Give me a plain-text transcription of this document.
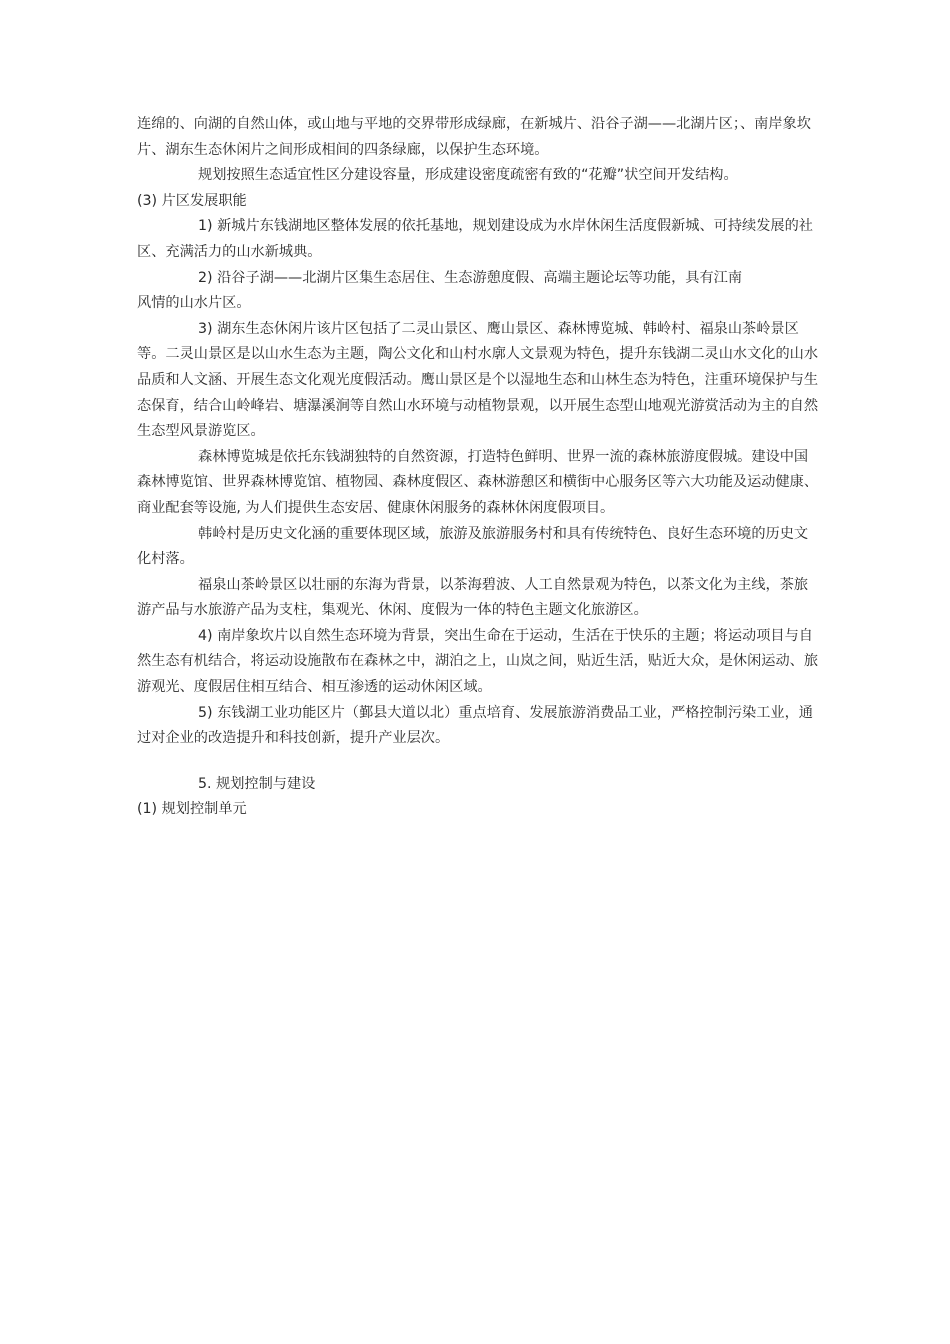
连绵的、向湖的自然山体，或山地与平地的交界带形成绿廊，在新城片、沿谷子湖——北湖片区；、南岸象坎片、湖东生态休闲片之间形成相间的四条绿廊，以保护生态环境。

规划按照生态适宜性区分建设容量，形成建设密度疏密有致的“花瓣”状空间开发结构。

(3) 片区发展职能

1) 新城片东钱湖地区整体发展的依托基地，规划建设成为水岸休闲生活度假新城、可持续发展的社区、充满活力的山水新城典。

2) 沿谷子湖——北湖片区集生态居住、生态游憩度假、高端主题论坛等功能，具有江南

风情的山水片区。

3) 湖东生态休闲片该片区包括了二灵山景区、鹰山景区、森林博览城、韩岭村、福泉山茶岭景区等。二灵山景区是以山水生态为主题，陶公文化和山村水廓人文景观为特色，提升东钱湖二灵山水文化的山水品质和人文涵、开展生态文化观光度假活动。鹰山景区是个以湿地生态和山林生态为特色，注重环境保护与生态保育，结合山岭峰岩、塘瀑溪涧等自然山水环境与动植物景观，以开展生态型山地观光游赏活动为主的自然生态型风景游览区。

森林博览城是依托东钱湖独特的自然资源，打造特色鲜明、世界一流的森林旅游度假城。建设中国森林博览馆、世界森林博览馆、植物园、森林度假区、森林游憩区和横街中心服务区等六大功能及运动健康、商业配套等设施, 为人们提供生态安居、健康休闲服务的森林休闲度假项目。

韩岭村是历史文化涵的重要体现区域，旅游及旅游服务村和具有传统特色、良好生态环境的历史文化村落。

福泉山茶岭景区以壮丽的东海为背景，以茶海碧波、人工自然景观为特色，以茶文化为主线，茶旅游产品与水旅游产品为支柱，集观光、休闲、度假为一体的特色主题文化旅游区。

4) 南岸象坎片以自然生态环境为背景，突出生命在于运动，生活在于快乐的主题；将运动项目与自然生态有机结合，将运动设施散布在森林之中，湖泊之上，山岚之间，贴近生活，贴近大众，是休闲运动、旅游观光、度假居住相互结合、相互渗透的运动休闲区域。

5) 东钱湖工业功能区片（鄞县大道以北）重点培育、发展旅游消费品工业，严格控制污染工业，通过对企业的改造提升和科技创新，提升产业层次。

5. 规划控制与建设

(1) 规划控制单元
